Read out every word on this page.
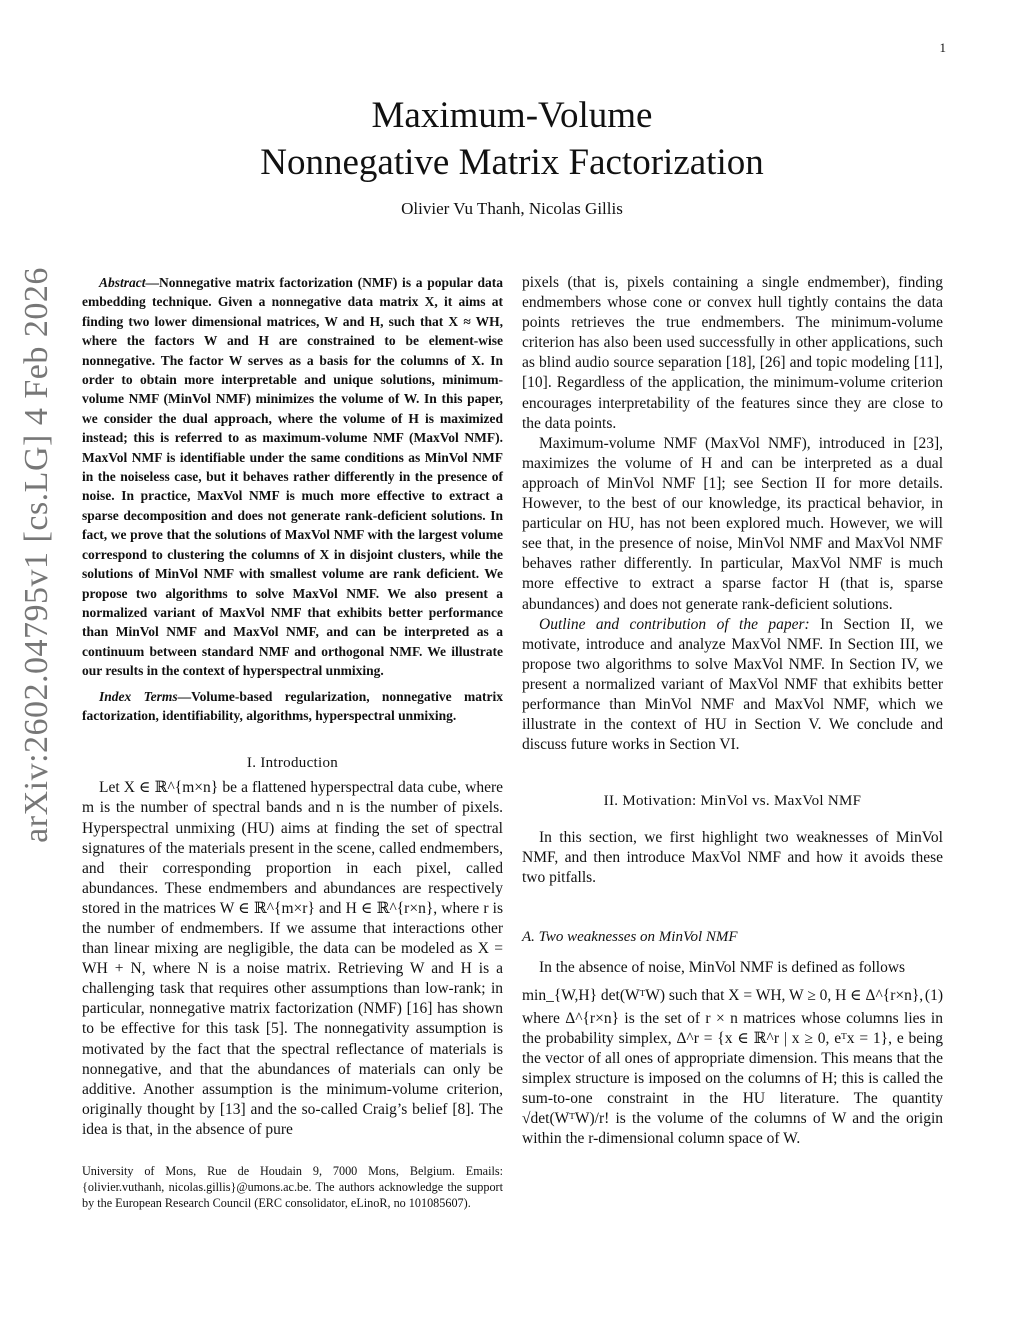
1
arXiv:2602.04795v1 [cs.LG] 4 Feb 2026
Maximum-Volume
Nonnegative Matrix Factorization
Olivier Vu Thanh, Nicolas Gillis

Abstract—Nonnegative matrix factorization (NMF) is a popular data embedding technique. Given a nonnegative data matrix X, it aims at finding two lower dimensional matrices, W and H, such that X ≈ WH, where the factors W and H are constrained to be element-wise nonnegative. The factor W serves as a basis for the columns of X. In order to obtain more interpretable and unique solutions, minimum-volume NMF (MinVol NMF) minimizes the volume of W. In this paper, we consider the dual approach, where the volume of H is maximized instead; this is referred to as maximum-volume NMF (MaxVol NMF). MaxVol NMF is identifiable under the same conditions as MinVol NMF in the noiseless case, but it behaves rather differently in the presence of noise. In practice, MaxVol NMF is much more effective to extract a sparse decomposition and does not generate rank-deficient solutions. In fact, we prove that the solutions of MaxVol NMF with the largest volume correspond to clustering the columns of X in disjoint clusters, while the solutions of MinVol NMF with smallest volume are rank deficient. We propose two algorithms to solve MaxVol NMF. We also present a normalized variant of MaxVol NMF that exhibits better performance than MinVol NMF and MaxVol NMF, and can be interpreted as a continuum between standard NMF and orthogonal NMF. We illustrate our results in the context of hyperspectral unmixing.

Index Terms—Volume-based regularization, nonnegative matrix factorization, identifiability, algorithms, hyperspectral unmixing.

I. Introduction

Let X ∈ ℝ^{m×n} be a flattened hyperspectral data cube, where m is the number of spectral bands and n is the number of pixels. Hyperspectral unmixing (HU) aims at finding the set of spectral signatures of the materials present in the scene, called endmembers, and their corresponding proportion in each pixel, called abundances. These endmembers and abundances are respectively stored in the matrices W ∈ ℝ^{m×r} and H ∈ ℝ^{r×n}, where r is the number of endmembers. If we assume that interactions other than linear mixing are negligible, the data can be modeled as X = WH + N, where N is a noise matrix. Retrieving W and H is a challenging task that requires other assumptions than low-rank; in particular, nonnegative matrix factorization (NMF) [16] has shown to be effective for this task [5]. The nonnegativity assumption is motivated by the fact that the spectral reflectance of materials is nonnegative, and that the abundances of materials can only be additive. Another assumption is the minimum-volume criterion, originally thought by [13] and the so-called Craig’s belief [8]. The idea is that, in the absence of pure

University of Mons, Rue de Houdain 9, 7000 Mons, Belgium. Emails: {olivier.vuthanh, nicolas.gillis}@umons.ac.be. The authors acknowledge the support by the European Research Council (ERC consolidator, eLinoR, no 101085607).

pixels (that is, pixels containing a single endmember), finding endmembers whose cone or convex hull tightly contains the data points retrieves the true endmembers. The minimum-volume criterion has also been used successfully in other applications, such as blind audio source separation [18], [26] and topic modeling [11], [10]. Regardless of the application, the minimum-volume criterion encourages interpretability of the features since they are close to the data points.

Maximum-volume NMF (MaxVol NMF), introduced in [23], maximizes the volume of H and can be interpreted as a dual approach of MinVol NMF [1]; see Section II for more details. However, to the best of our knowledge, its practical behavior, in particular on HU, has not been explored much. However, we will see that, in the presence of noise, MinVol NMF and MaxVol NMF behaves rather differently. In particular, MaxVol NMF is much more effective to extract a sparse factor H (that is, sparse abundances) and does not generate rank-deficient solutions.

Outline and contribution of the paper: In Section II, we motivate, introduce and analyze MaxVol NMF. In Section III, we propose two algorithms to solve MaxVol NMF. In Section IV, we present a normalized variant of MaxVol NMF that exhibits better performance than MinVol NMF and MaxVol NMF, which we illustrate in the context of HU in Section V. We conclude and discuss future works in Section VI.

II. Motivation: MinVol vs. MaxVol NMF

In this section, we first highlight two weaknesses of MinVol NMF, and then introduce MaxVol NMF and how it avoids these two pitfalls.

A. Two weaknesses on MinVol NMF

In the absence of noise, MinVol NMF is defined as follows

min_{W,H} det(WᵀW) such that X = WH, W ≥ 0, H ∈ Δ^{r×n}, (1)

where Δ^{r×n} is the set of r × n matrices whose columns lies in the probability simplex, Δ^r = {x ∈ ℝ^r | x ≥ 0, eᵀx = 1}, e being the vector of all ones of appropriate dimension. This means that the simplex structure is imposed on the columns of H; this is called the sum-to-one constraint in the HU literature. The quantity √det(WᵀW)/r! is the volume of the columns of W and the origin within the r-dimensional column space of W.
